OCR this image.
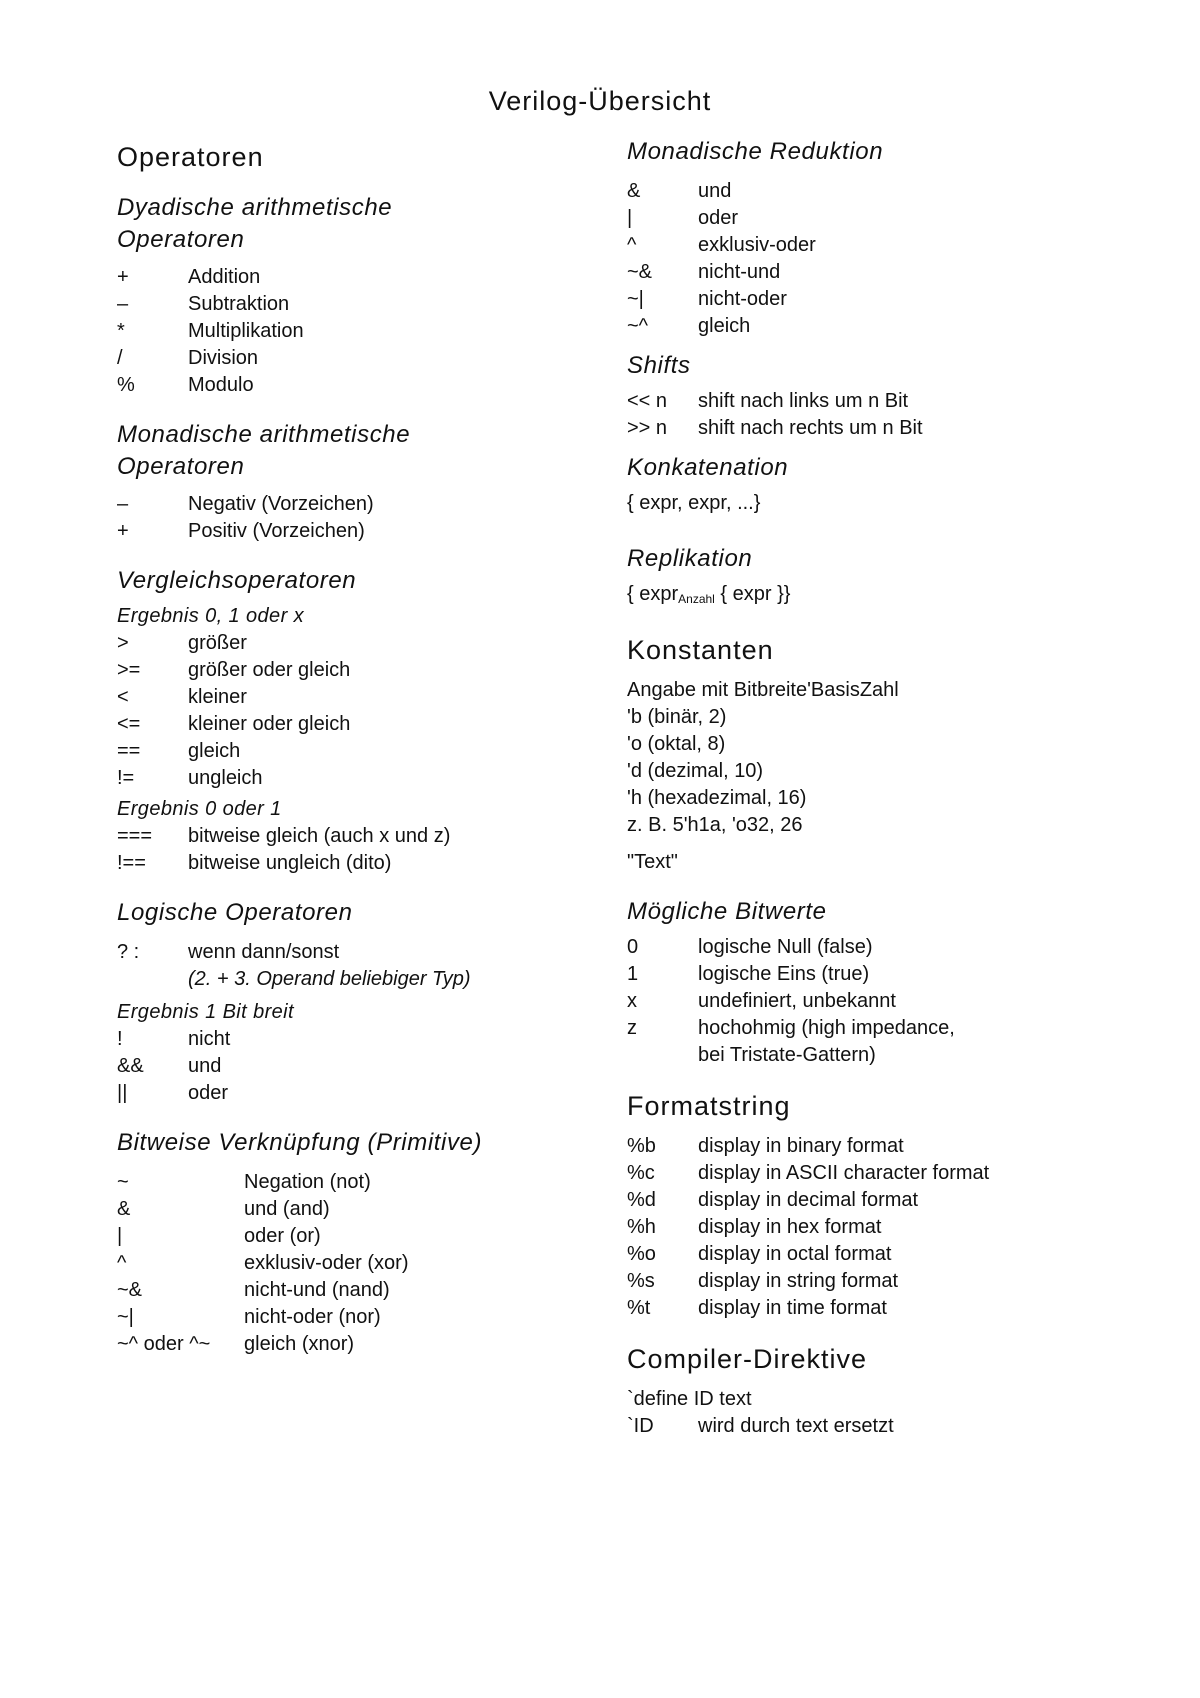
Verilog-Übersicht
Operatoren
Dyadische arithmetische
Operatoren
+	Addition
–	Subtraktion
*	Multiplikation
/	Division
%	Modulo
Monadische arithmetische
Operatoren
–	Negativ (Vorzeichen)
+	Positiv (Vorzeichen)
Vergleichsoperatoren
Ergebnis 0, 1 oder x
>	größer
>=	größer oder gleich
<	kleiner
<=	kleiner oder gleich
==	gleich
!=	ungleich
Ergebnis 0 oder 1
===	bitweise gleich (auch x und z)
!==	bitweise ungleich (dito)
Logische Operatoren
? :	wenn dann/sonst
(2. + 3. Operand beliebiger Typ)
Ergebnis 1 Bit breit
!	nicht
&&	und
||	oder
Bitweise Verknüpfung (Primitive)
~	Negation (not)
&	und (and)
|	oder (or)
^	exklusiv-oder (xor)
~&	nicht-und (nand)
~|	nicht-oder (nor)
~^ oder ^~	gleich (xnor)
Monadische Reduktion
&	und
|	oder
^	exklusiv-oder
~&	nicht-und
~|	nicht-oder
~^	gleich
Shifts
<< n	shift nach links um n Bit
>> n	shift nach rechts um n Bit
Konkatenation
{ expr, expr, ...}
Replikation
{ expr$_{Anzahl}$ { expr }}
Konstanten
Angabe mit Bitbreite'BasisZahl
'b (binär, 2)
'o (oktal, 8)
'd (dezimal, 10)
'h (hexadezimal, 16)
z. B. 5'h1a, 'o32, 26
"Text"
Mögliche Bitwerte
0	logische Null (false)
1	logische Eins (true)
x	undefiniert, unbekannt
z	hochohmig (high impedance,
bei Tristate-Gattern)
Formatstring
%b	display in binary format
%c	display in ASCII character format
%d	display in decimal format
%h	display in hex format
%o	display in octal format
%s	display in string format
%t	display in time format
Compiler-Direktive
`define ID text
`ID	wird durch text ersetzt
